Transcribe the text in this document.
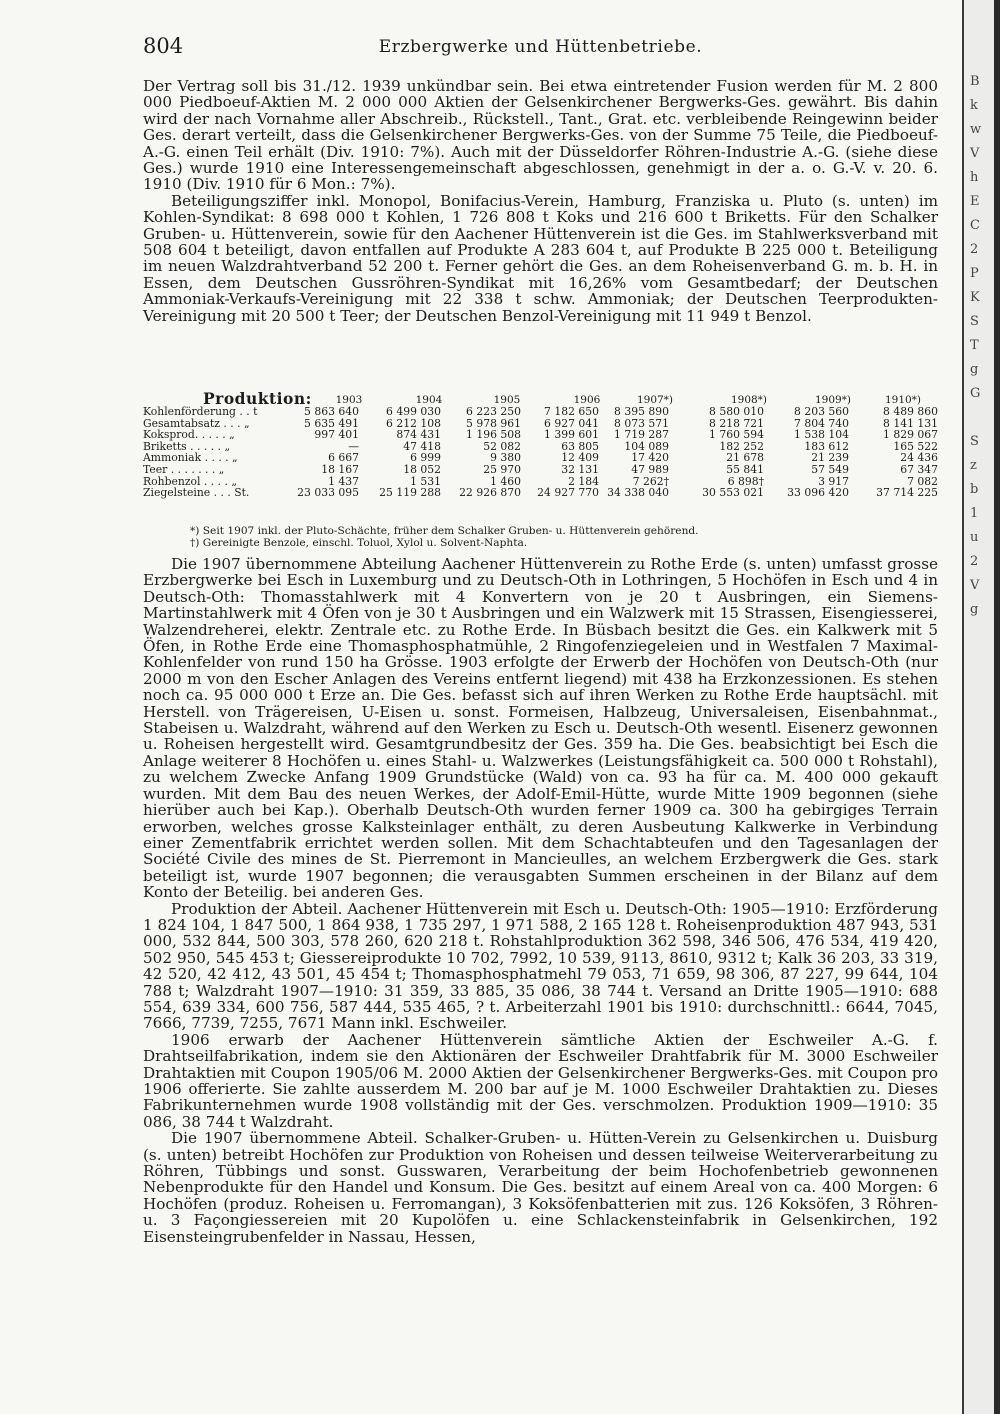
804	Erzbergwerke und Hüttenbetriebe.

Der Vertrag soll bis 31./12. 1939 unkündbar sein. Bei etwa eintretender Fusion werden für M. 2 800 000 Piedboeuf-Aktien M. 2 000 000 Aktien der Gelsenkirchener Bergwerks-Ges. gewährt. Bis dahin wird der nach Vornahme aller Abschreib., Rückstell., Tant., Grat. etc. verbleibende Reingewinn beider Ges. derart verteilt, dass die Gelsenkirchener Bergwerks-Ges. von der Summe 75 Teile, die Piedboeuf-A.-G. einen Teil erhält (Div. 1910: 7%). Auch mit der Düsseldorfer Röhren-Industrie A.-G. (siehe diese Ges.) wurde 1910 eine Interessengemeinschaft abgeschlossen, genehmigt in der a. o. G.-V. v. 20. 6. 1910 (Div. 1910 für 6 Mon.: 7%).

Beteiligungsziffer inkl. Monopol, Bonifacius-Verein, Hamburg, Franziska u. Pluto (s. unten) im Kohlen-Syndikat: 8 698 000 t Kohlen, 1 726 808 t Koks und 216 600 t Briketts. Für den Schalker Gruben- u. Hüttenverein, sowie für den Aachener Hüttenverein ist die Ges. im Stahlwerksverband mit 508 604 t beteiligt, davon entfallen auf Produkte A 283 604 t, auf Produkte B 225 000 t. Beteiligung im neuen Walzdrahtverband 52 200 t. Ferner gehört die Ges. an dem Roheisenverband G. m. b. H. in Essen, dem Deutschen Gussröhren-Syndikat mit 16,26% vom Gesamtbedarf; der Deutschen Ammoniak-Verkaufs-Vereinigung mit 22 338 t schw. Ammoniak; der Deutschen Teerprodukten-Vereinigung mit 20 500 t Teer; der Deutschen Benzol-Vereinigung mit 11 949 t Benzol.

Produktion:	1903	1904	1905	1906	1907*)	1908*)	1909*)	1910*)
Kohlenförderung . . t	5 863 640	6 499 030	6 223 250	7 182 650	8 395 890	8 580 010	8 203 560	8 489 860
Gesamtabsatz . . . „	5 635 491	6 212 108	5 978 961	6 927 041	8 073 571	8 218 721	7 804 740	8 141 131
Koksprod. . . . . „	997 401	874 431	1 196 508	1 399 601	1 719 287	1 760 594	1 538 104	1 829 067
Briketts . . . . . „	—	47 418	52 082	63 805	104 089	182 252	183 612	165 522
Ammoniak . . . . „	6 667	6 999	9 380	12 409	17 420	21 678	21 239	24 436
Teer . . . . . . . „	18 167	18 052	25 970	32 131	47 989	55 841	57 549	67 347
Rohbenzol . . . . „	1 437	1 531	1 460	2 184	7 262†	6 898†	3 917	7 082
Ziegelsteine . . . St.	23 033 095	25 119 288	22 926 870	24 927 770	34 338 040	30 553 021	33 096 420	37 714 225
*) Seit 1907 inkl. der Pluto-Schächte, früher dem Schalker Gruben- u. Hüttenverein gehörend.
†) Gereinigte Benzole, einschl. Toluol, Xylol u. Solvent-Naphta.

Die 1907 übernommene Abteilung Aachener Hüttenverein zu Rothe Erde (s. unten) umfasst grosse Erzbergwerke bei Esch in Luxemburg und zu Deutsch-Oth in Lothringen, 5 Hochöfen in Esch und 4 in Deutsch-Oth: Thomasstahlwerk mit 4 Konvertern von je 20 t Ausbringen, ein Siemens-Martinstahlwerk mit 4 Öfen von je 30 t Ausbringen und ein Walzwerk mit 15 Strassen, Eisengiesserei, Walzendreherei, elektr. Zentrale etc. zu Rothe Erde. In Büsbach besitzt die Ges. ein Kalkwerk mit 5 Öfen, in Rothe Erde eine Thomasphosphatmühle, 2 Ringofenziegeleien und in Westfalen 7 Maximal-Kohlenfelder von rund 150 ha Grösse. 1903 erfolgte der Erwerb der Hochöfen von Deutsch-Oth (nur 2000 m von den Escher Anlagen des Vereins entfernt liegend) mit 438 ha Erzkonzessionen. Es stehen noch ca. 95 000 000 t Erze an. Die Ges. befasst sich auf ihren Werken zu Rothe Erde hauptsächl. mit Herstell. von Trägereisen, U-Eisen u. sonst. Formeisen, Halbzeug, Universaleisen, Eisenbahnmat., Stabeisen u. Walzdraht, während auf den Werken zu Esch u. Deutsch-Oth wesentl. Eisenerz gewonnen u. Roheisen hergestellt wird. Gesamtgrundbesitz der Ges. 359 ha. Die Ges. beabsichtigt bei Esch die Anlage weiterer 8 Hochöfen u. eines Stahl- u. Walzwerkes (Leistungsfähigkeit ca. 500 000 t Rohstahl), zu welchem Zwecke Anfang 1909 Grundstücke (Wald) von ca. 93 ha für ca. M. 400 000 gekauft wurden. Mit dem Bau des neuen Werkes, der Adolf-Emil-Hütte, wurde Mitte 1909 begonnen (siehe hierüber auch bei Kap.). Oberhalb Deutsch-Oth wurden ferner 1909 ca. 300 ha gebirgiges Terrain erworben, welches grosse Kalksteinlager enthält, zu deren Ausbeutung Kalkwerke in Verbindung einer Zementfabrik errichtet werden sollen. Mit dem Schachtabteufen und den Tagesanlagen der Société Civile des mines de St. Pierremont in Mancieulles, an welchem Erzbergwerk die Ges. stark beteiligt ist, wurde 1907 begonnen; die verausgabten Summen erscheinen in der Bilanz auf dem Konto der Beteilig. bei anderen Ges.

Produktion der Abteil. Aachener Hüttenverein mit Esch u. Deutsch-Oth: 1905—1910: Erzförderung 1 824 104, 1 847 500, 1 864 938, 1 735 297, 1 971 588, 2 165 128 t. Roheisenproduktion 487 943, 531 000, 532 844, 500 303, 578 260, 620 218 t. Rohstahlproduktion 362 598, 346 506, 476 534, 419 420, 502 950, 545 453 t; Giessereiprodukte 10 702, 7992, 10 539, 9113, 8610, 9312 t; Kalk 36 203, 33 319, 42 520, 42 412, 43 501, 45 454 t; Thomasphosphatmehl 79 053, 71 659, 98 306, 87 227, 99 644, 104 788 t; Walzdraht 1907—1910: 31 359, 33 885, 35 086, 38 744 t. Versand an Dritte 1905—1910: 688 554, 639 334, 600 756, 587 444, 535 465, ? t. Arbeiterzahl 1901 bis 1910: durchschnittl.: 6644, 7045, 7666, 7739, 7255, 7671 Mann inkl. Eschweiler.

1906 erwarb der Aachener Hüttenverein sämtliche Aktien der Eschweiler A.-G. f. Drahtseilfabrikation, indem sie den Aktionären der Eschweiler Drahtfabrik für M. 3000 Eschweiler Drahtaktien mit Coupon 1905/06 M. 2000 Aktien der Gelsenkirchener Bergwerks-Ges. mit Coupon pro 1906 offerierte. Sie zahlte ausserdem M. 200 bar auf je M. 1000 Eschweiler Drahtaktien zu. Dieses Fabrikunternehmen wurde 1908 vollständig mit der Ges. verschmolzen. Produktion 1909—1910: 35 086, 38 744 t Walzdraht.

Die 1907 übernommene Abteil. Schalker-Gruben- u. Hütten-Verein zu Gelsenkirchen u. Duisburg (s. unten) betreibt Hochöfen zur Produktion von Roheisen und dessen teilweise Weiterverarbeitung zu Röhren, Tübbings und sonst. Gusswaren, Verarbeitung der beim Hochofenbetrieb gewonnenen Nebenprodukte für den Handel und Konsum. Die Ges. besitzt auf einem Areal von ca. 400 Morgen: 6 Hochöfen (produz. Roheisen u. Ferromangan), 3 Koksöfenbatterien mit zus. 126 Koksöfen, 3 Röhren- u. 3 Façongiessereien mit 20 Kupolöfen u. eine Schlackensteinfabrik in Gelsenkirchen, 192 Eisensteingrubenfelder in Nassau, Hessen,

B
k
w
V
h
E
C
2
P
K
S
T
g
G

S
z
b
1
u
2
V
g
